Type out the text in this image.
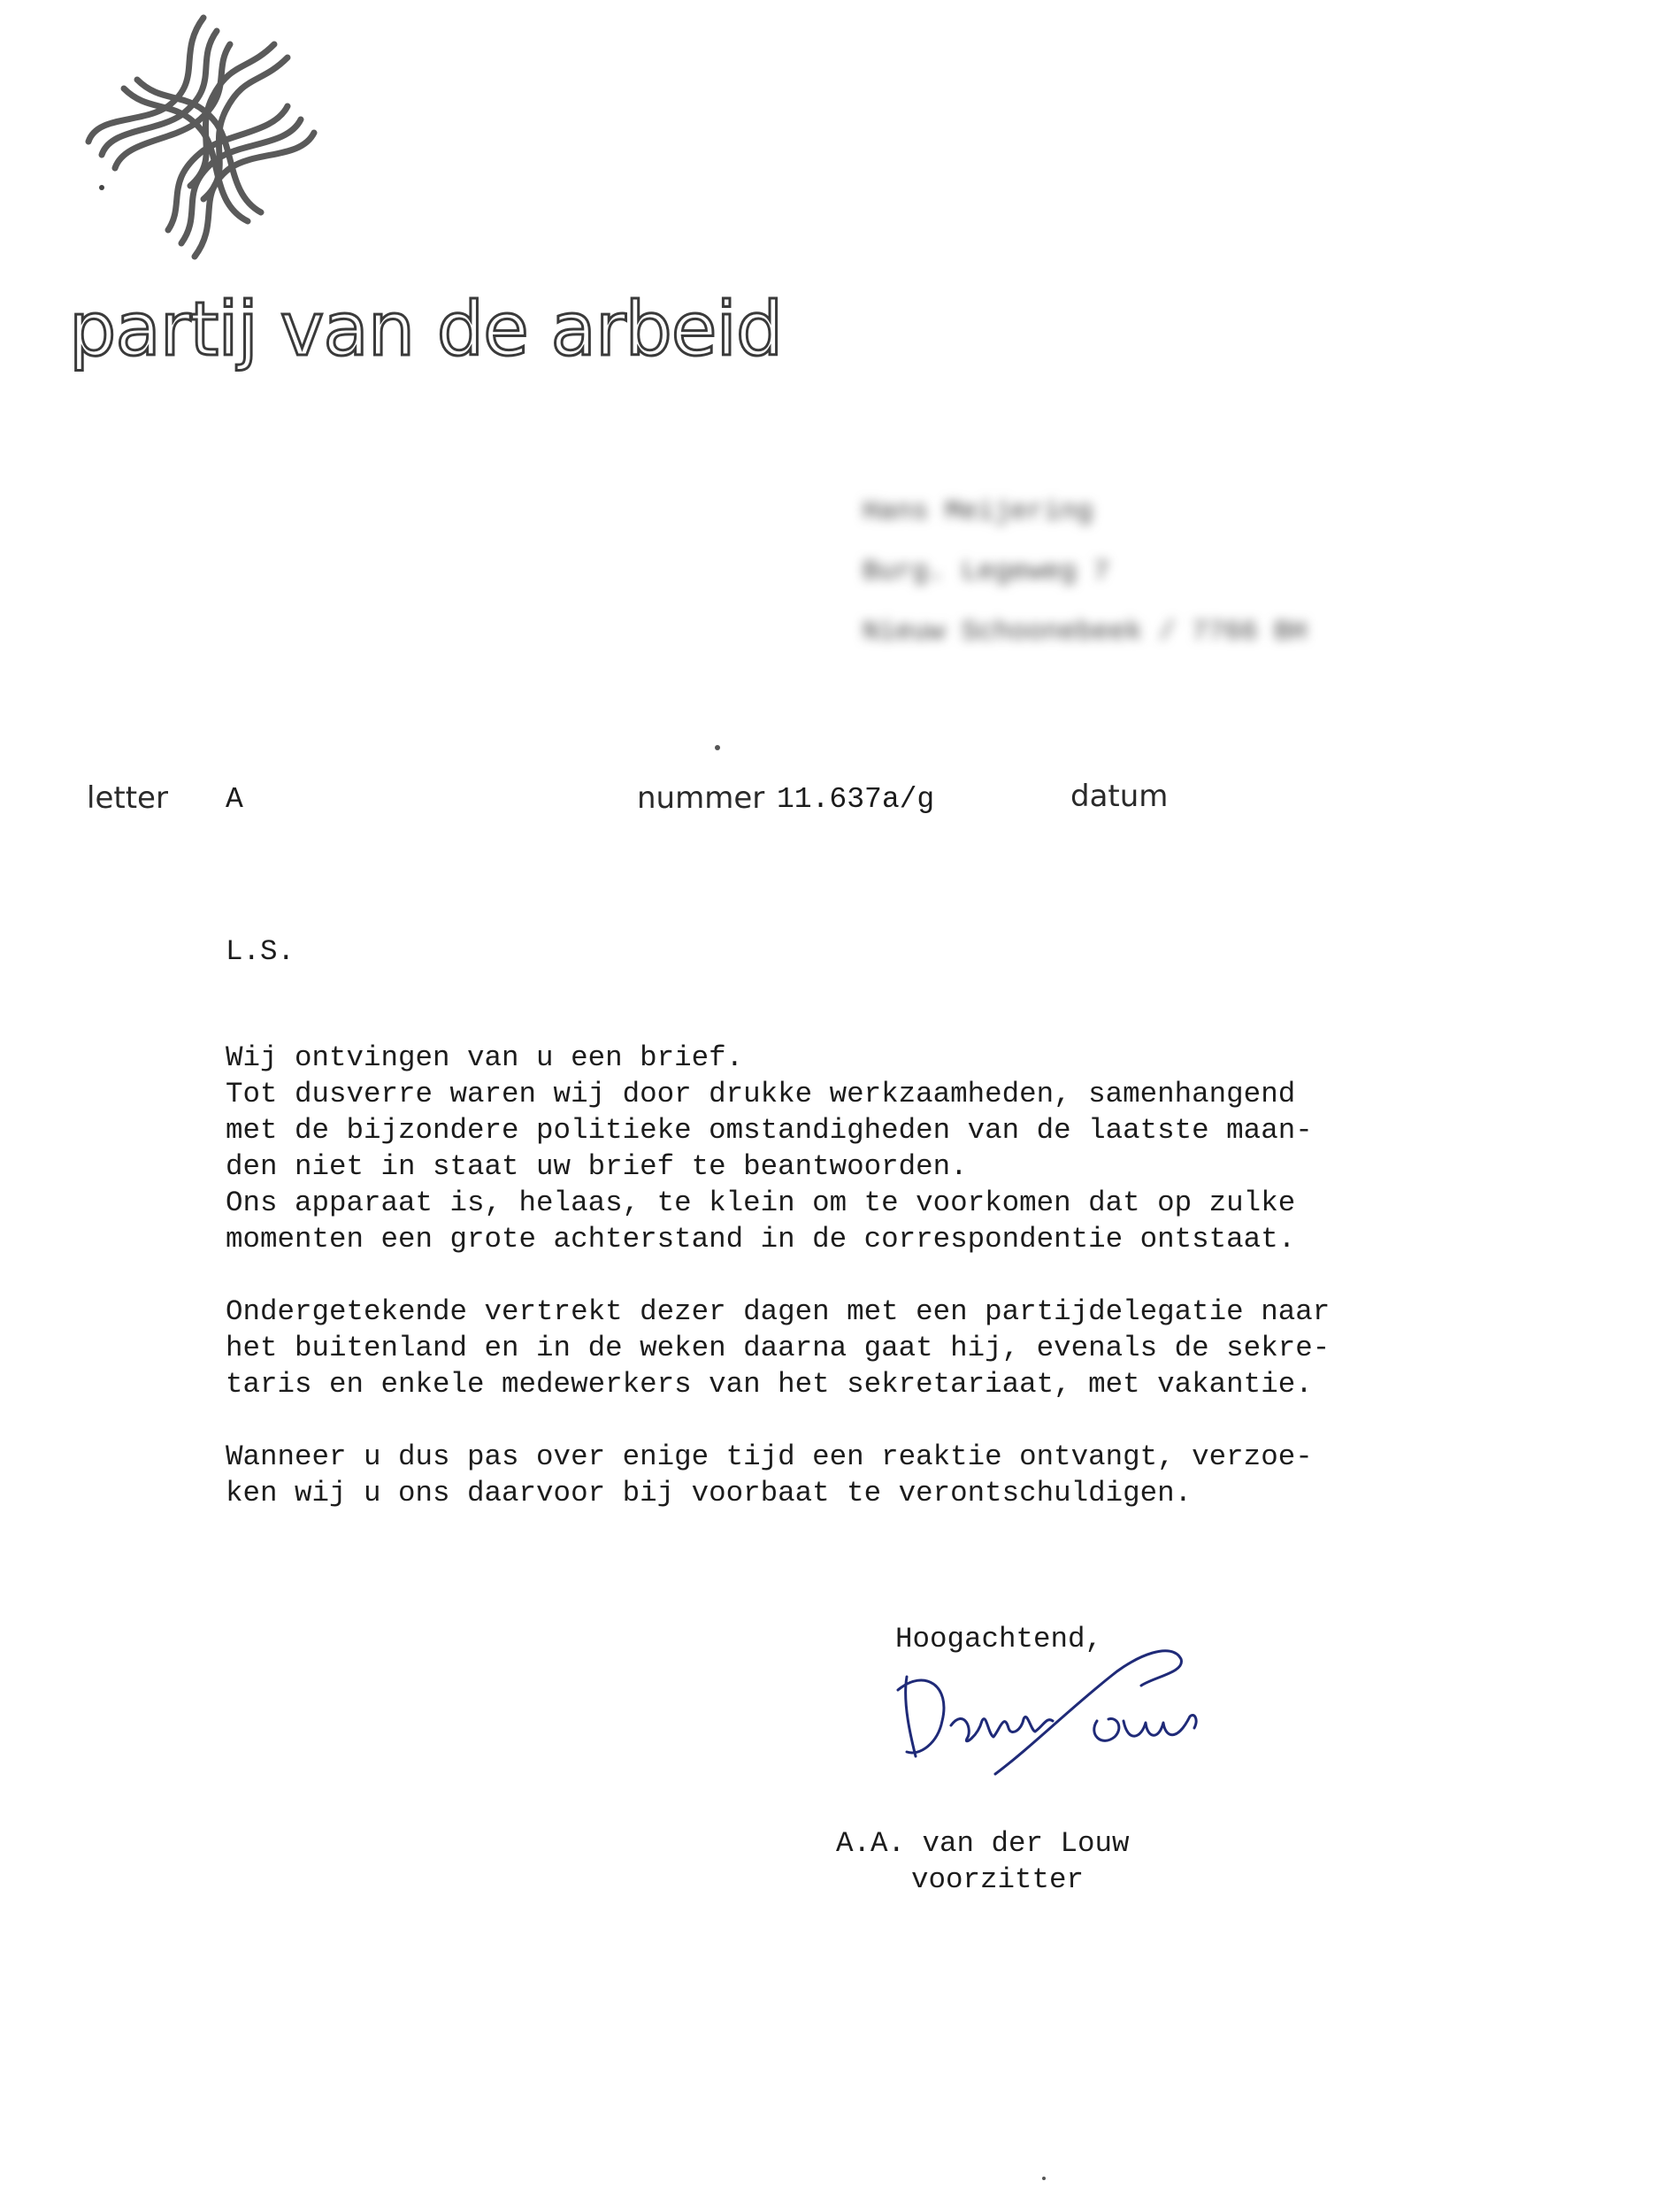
partij van de arbeid
Hans Meijering
Burg. Legeweg 7
Nieuw Schoonebeek / 7766 BH
letter A	nummer 11.637a/g	datum
L.S.
Wij ontvingen van u een brief.
Tot dusverre waren wij door drukke werkzaamheden, samenhangend
met de bijzondere politieke omstandigheden van de laatste maan-
den niet in staat uw brief te beantwoorden.
Ons apparaat is, helaas, te klein om te voorkomen dat op zulke
momenten een grote achterstand in de correspondentie ontstaat.
Ondergetekende vertrekt dezer dagen met een partijdelegatie naar
het buitenland en in de weken daarna gaat hij, evenals de sekre-
taris en enkele medewerkers van het sekretariaat, met vakantie.
Wanneer u dus pas over enige tijd een reaktie ontvangt, verzoe-
ken wij u ons daarvoor bij voorbaat te verontschuldigen.
Hoogachtend,
A.A. van der Louw
voorzitter
